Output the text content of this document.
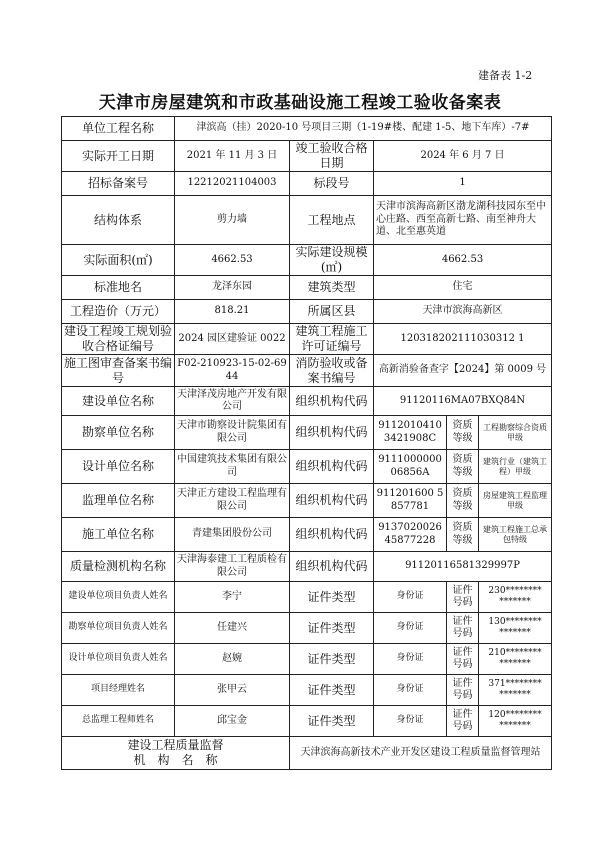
建备表 1-2
天津市房屋建筑和市政基础设施工程竣工验收备案表
单位工程名称	津滨高（挂）2020-10 号项目三期（1-19#楼、配建 1-5、地下车库）-7#				
实际开工日期	2021 年 11 月 3 日	竣工验收合格日期	2024 年 6 月 7 日		
招标备案号	12212021104003	标段号	1		
结构体系	剪力墙	工程地点	天津市滨海高新区渤龙湖科技园东至中心庄路、西至高新七路、南至神舟大道、北至惠英道		
实际面积(㎡)	4662.53	实际建设规模(㎡)	4662.53		
标准地名	龙泽东园	建筑类型	住宅		
工程造价（万元）	818.21	所属区县	天津市滨海高新区		
建设工程竣工规划验收合格证编号	2024 园区建验证 0022	建筑工程施工许可证编号	120318202111030312 1		
施工图审查备案书编号	F02-210923-15-02-6944	消防验收或备案书编号	高新消验备查字【2024】第 0009 号		
建设单位名称	天津泽茂房地产开发有限公司	组织机构代码	91120116MA07BXQ84N		
勘察单位名称	天津市勘察设计院集团有限公司	组织机构代码	91120104103421908C	资质等级	工程勘察综合资质甲级
设计单位名称	中国建筑技术集团有限公司	组织机构代码	911100000006856A	资质等级	建筑行业（建筑工程）甲级
监理单位名称	天津正方建设工程监理有限公司	组织机构代码	911201600 5857781	资质等级	房屋建筑工程监理甲级
施工单位名称	青建集团股份公司	组织机构代码	913702002645877228	资质等级	建筑工程施工总承包特级
质量检测机构名称	天津海泰建工工程质检有限公司	组织机构代码	91120116581329997P		
建设单位项目负责人姓名	李宁	证件类型	身份证	证件号码	230********
*******
勘察单位项目负责人姓名	任建兴	证件类型	身份证	证件号码	130********
*******
设计单位项目负责人姓名	赵婉	证件类型	身份证	证件号码	210********
*******
项目经理姓名	张甲云	证件类型	身份证	证件号码	371********
*******
总监理工程师姓名	邱宝金	证件类型	身份证	证件号码	120********
*******

建设工程质量监督
机　构　名　称		天津滨海高新技术产业开发区建设工程质量监督管理站			
